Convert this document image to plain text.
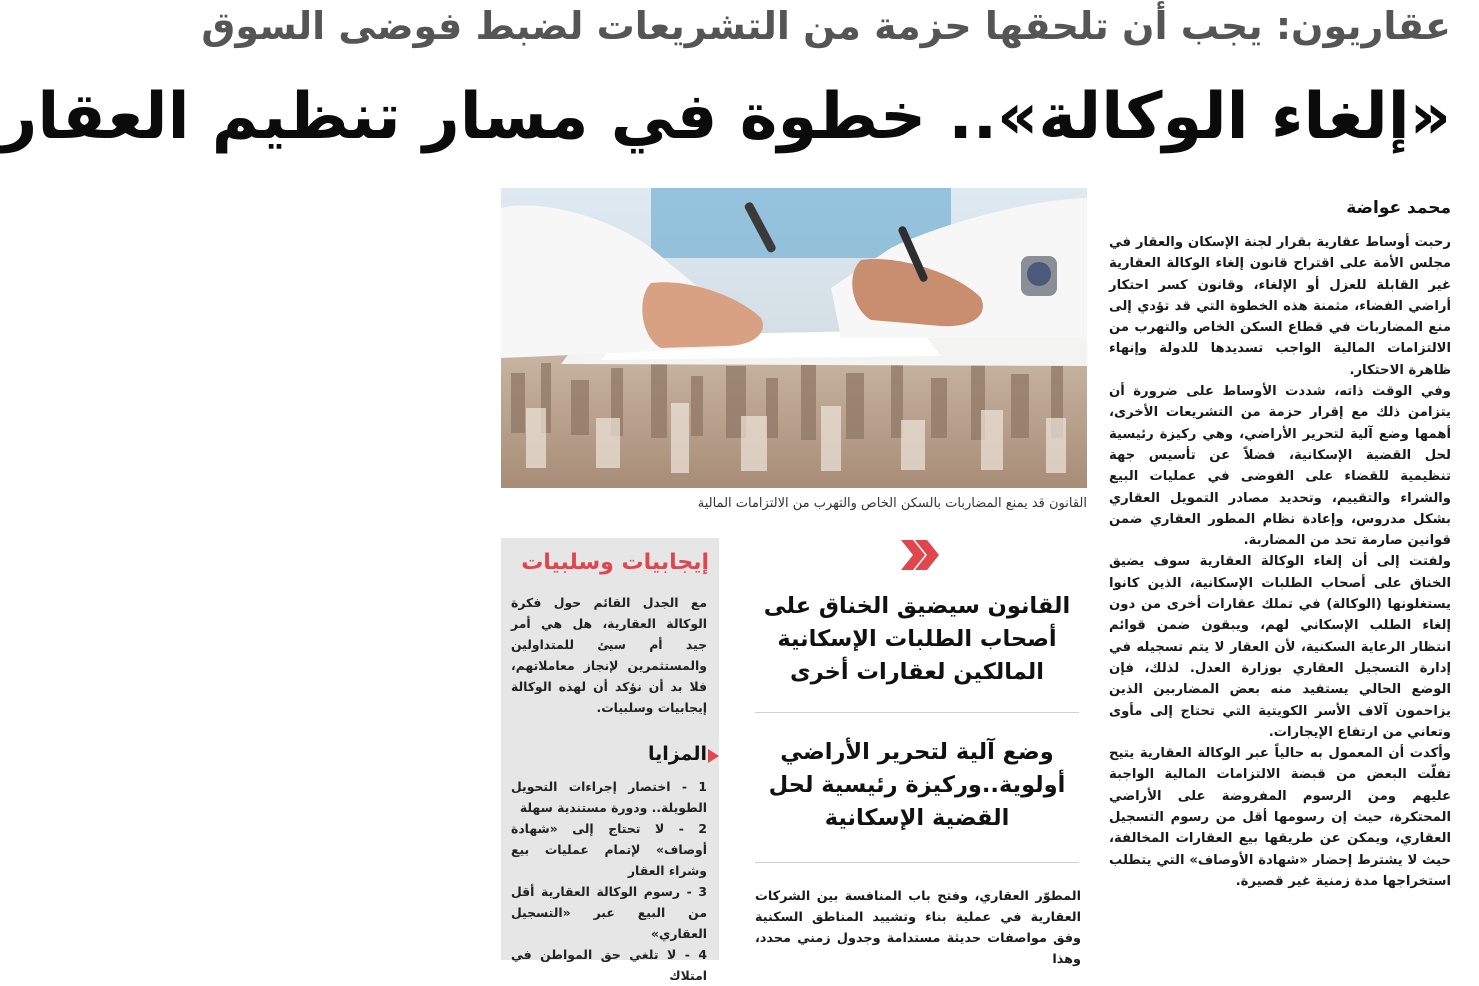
عقاريون: يجب أن تلحقها حزمة من التشريعات لضبط فوضى السوق
«إلغاء الوكالة».. خطوة في مسار تنظيم العقار
القانون قد يمنع المضاربات بالسكن الخاص والتهرب من الالتزامات المالية
محمد عواضة

رحبت أوساط عقارية بقرار لجنة الإسكان والعقار في مجلس الأمة على اقتراح قانون إلغاء الوكالة العقارية غير القابلة للعزل أو الإلغاء، وقانون كسر احتكار أراضي الفضاء، مثمنة هذه الخطوة التي قد تؤدي إلى منع المضاربات في قطاع السكن الخاص والتهرب من الالتزامات المالية الواجب تسديدها للدولة وإنهاء ظاهرة الاحتكار.

وفي الوقت ذاته، شددت الأوساط على ضرورة أن يتزامن ذلك مع إقرار حزمة من التشريعات الأخرى، أهمها وضع آلية لتحرير الأراضي، وهي ركيزة رئيسية لحل القضية الإسكانية، فضلاً عن تأسيس جهة تنظيمية للقضاء على الفوضى في عمليات البيع والشراء والتقييم، وتحديد مصادر التمويل العقاري بشكل مدروس، وإعادة نظام المطور العقاري ضمن قوانين صارمة تحد من المضاربة.

ولفتت إلى أن إلغاء الوكالة العقارية سوف يضيق الخناق على أصحاب الطلبات الإسكانية، الذين كانوا يستغلونها (الوكالة) في تملك عقارات أخرى من دون إلغاء الطلب الإسكاني لهم، ويبقون ضمن قوائم انتظار الرعاية السكنية، لأن العقار لا يتم تسجيله في إدارة التسجيل العقاري بوزارة العدل. لذلك، فإن الوضع الحالي يستفيد منه بعض المضاربين الذين يزاحمون آلاف الأسر الكويتية التي تحتاج إلى مأوى وتعاني من ارتفاع الإيجارات.

وأكدت أن المعمول به حالياً عبر الوكالة العقارية يتيح تفلّت البعض من قبضة الالتزامات المالية الواجبة عليهم ومن الرسوم المفروضة على الأراضي المحتكرة، حيث إن رسومها أقل من رسوم التسجيل العقاري، ويمكن عن طريقها بيع العقارات المخالفة، حيث لا يشترط إحضار «شهادة الأوصاف» التي يتطلب استخراجها مدة زمنية غير قصيرة.

إيجابيات وسلبيات
مع الجدل القائم حول فكرة الوكالة العقارية، هل هي أمر جيد أم سيئ للمتداولين والمستثمرين لإنجاز معاملاتهم، فلا بد أن نؤكد أن لهذه الوكالة إيجابيات وسلبيات.
المزايا
1 - اختصار إجراءات التحويل الطويلة.. ودورة مستندية سهلة
2 - لا تحتاج إلى «شهادة أوصاف» لإتمام عمليات بيع وشراء العقار
3 - رسوم الوكالة العقارية أقل من البيع عبر «التسجيل العقاري»
4 - لا تلغي حق المواطن في امتلاك
القانون سيضيق الخناق على أصحاب الطلبات الإسكانية المالكين لعقارات أخرى
وضع آلية لتحرير الأراضي أولوية..وركيزة رئيسية لحل القضية الإسكانية
المطوّر العقاري، وفتح باب المنافسة بين الشركات العقارية في عملية بناء وتشييد المناطق السكنية وفق مواصفات حديثة مستدامة وجدول زمني محدد، وهذا
